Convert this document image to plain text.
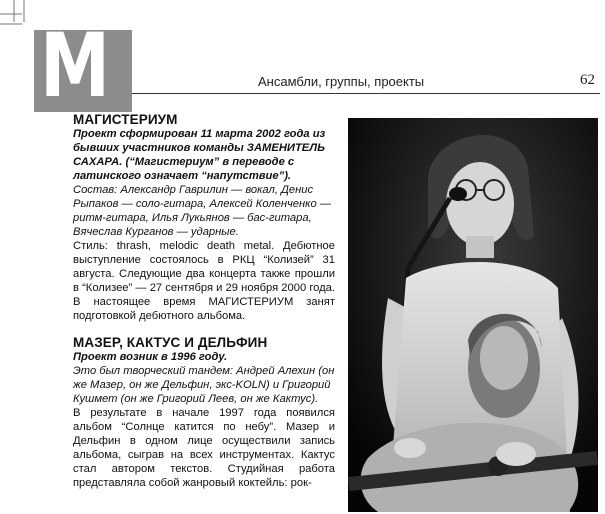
М	Ансамбли, группы, проекты	62

МАГИСТЕРИУМ

Проект сформирован 11 марта 2002 года из бывших участников команды ЗАМЕНИТЕЛЬ САХАРА. (“Магистериум” в переводе с латинского означает “напутствие”).

Состав: Александр Гаврилин — вокал, Денис Рыпаков — соло-гитара, Алексей Коленченко — ритм-гитара, Илья Лукьянов — бас-гитара, Вячеслав Курганов — ударные.

Стиль: thrash, melodic death metal. Дебютное выступление состоялось в РКЦ “Колизей” 31 августа. Следующие два концерта также прошли в “Колизее” — 27 сентября и 29 ноября 2000 года. В настоящее время МАГИСТЕРИУМ занят подготовкой дебютного альбома.

МАЗЕР, КАКТУС И ДЕЛЬФИН

Проект возник в 1996 году.

Это был творческий тандем: Андрей Алехин (он же Мазер, он же Дельфин, экс-KOLN) и Григорий Кушмет (он же Григорий Леев, он же Кактус).

В результате в начале 1997 года появился альбом “Солнце катится по небу”. Мазер и Дельфин в одном лице осуществили запись альбома, сыграв на всех инструментах. Кактус стал автором текстов. Студийная работа представляла собой жанровый коктейль: рок-
